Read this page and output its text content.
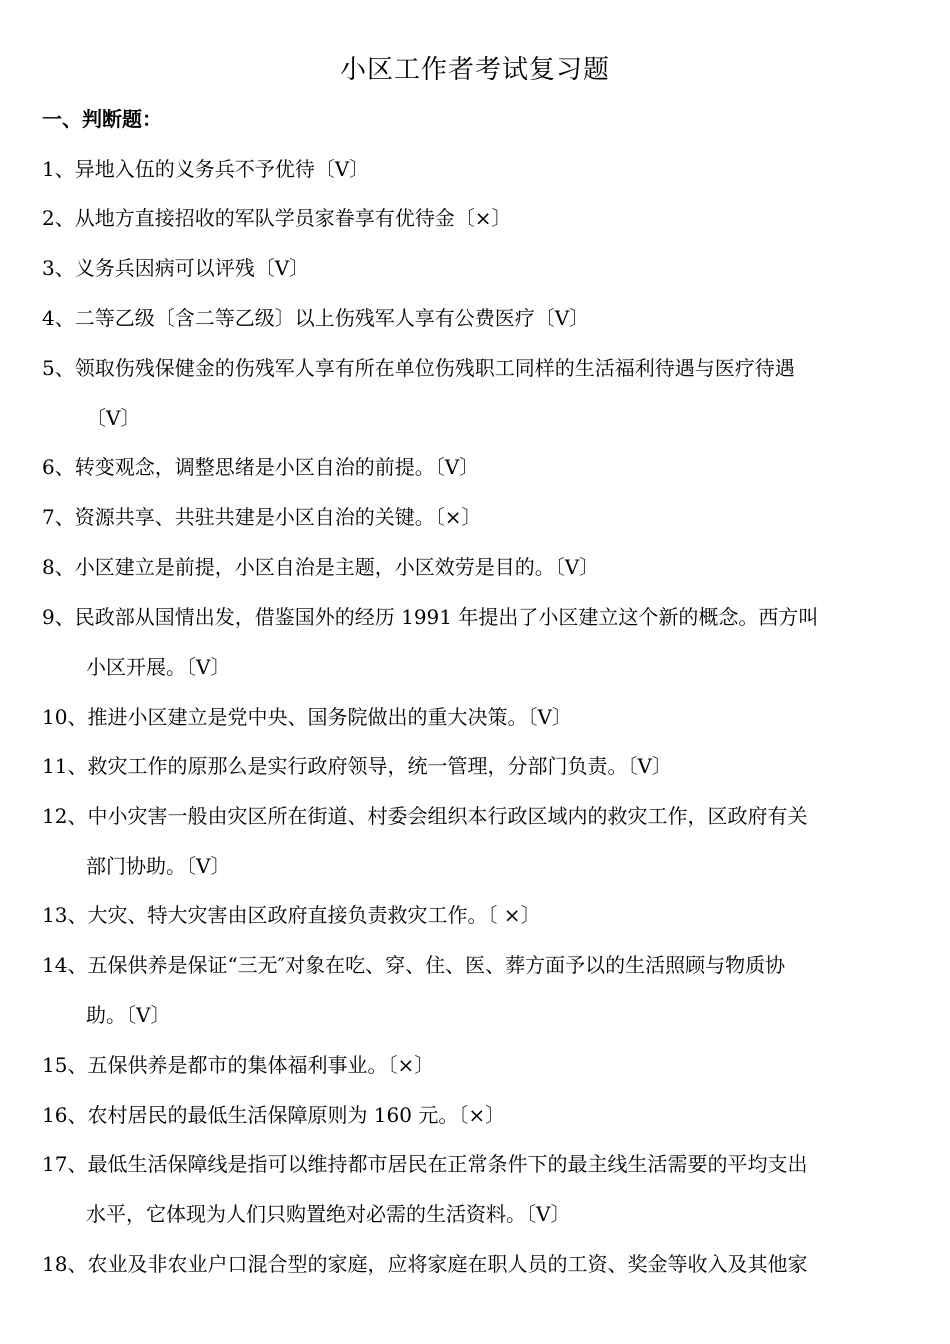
小区工作者考试复习题
一、判断题：
1、异地入伍的义务兵不予优待〔V〕
2、从地方直接招收的军队学员家眷享有优待金〔×〕
3、义务兵因病可以评残〔V〕
4、二等乙级〔含二等乙级〕以上伤残军人享有公费医疗〔V〕
5、领取伤残保健金的伤残军人享有所在单位伤残职工同样的生活福利待遇与医疗待遇
〔V〕
6、转变观念，调整思绪是小区自治的前提。〔V〕
7、资源共享、共驻共建是小区自治的关键。〔×〕
8、小区建立是前提，小区自治是主题，小区效劳是目的。〔V〕
9、民政部从国情出发，借鉴国外的经历 1991 年提出了小区建立这个新的概念。西方叫
小区开展。〔V〕
10、推进小区建立是党中央、国务院做出的重大决策。〔V〕
11、救灾工作的原那么是实行政府领导，统一管理，分部门负责。〔V〕
12、中小灾害一般由灾区所在街道、村委会组织本行政区域内的救灾工作，区政府有关
部门协助。〔V〕
13、大灾、特大灾害由区政府直接负责救灾工作。〔 ×〕
14、五保供养是保证“三无″对象在吃、穿、住、医、葬方面予以的生活照顾与物质协
助。〔V〕
15、五保供养是都市的集体福利事业。〔×〕
16、农村居民的最低生活保障原则为 160 元。〔×〕
17、最低生活保障线是指可以维持都市居民在正常条件下的最主线生活需要的平均支出
水平，它体现为人们只购置绝对必需的生活资料。〔V〕
18、农业及非农业户口混合型的家庭，应将家庭在职人员的工资、奖金等收入及其他家
